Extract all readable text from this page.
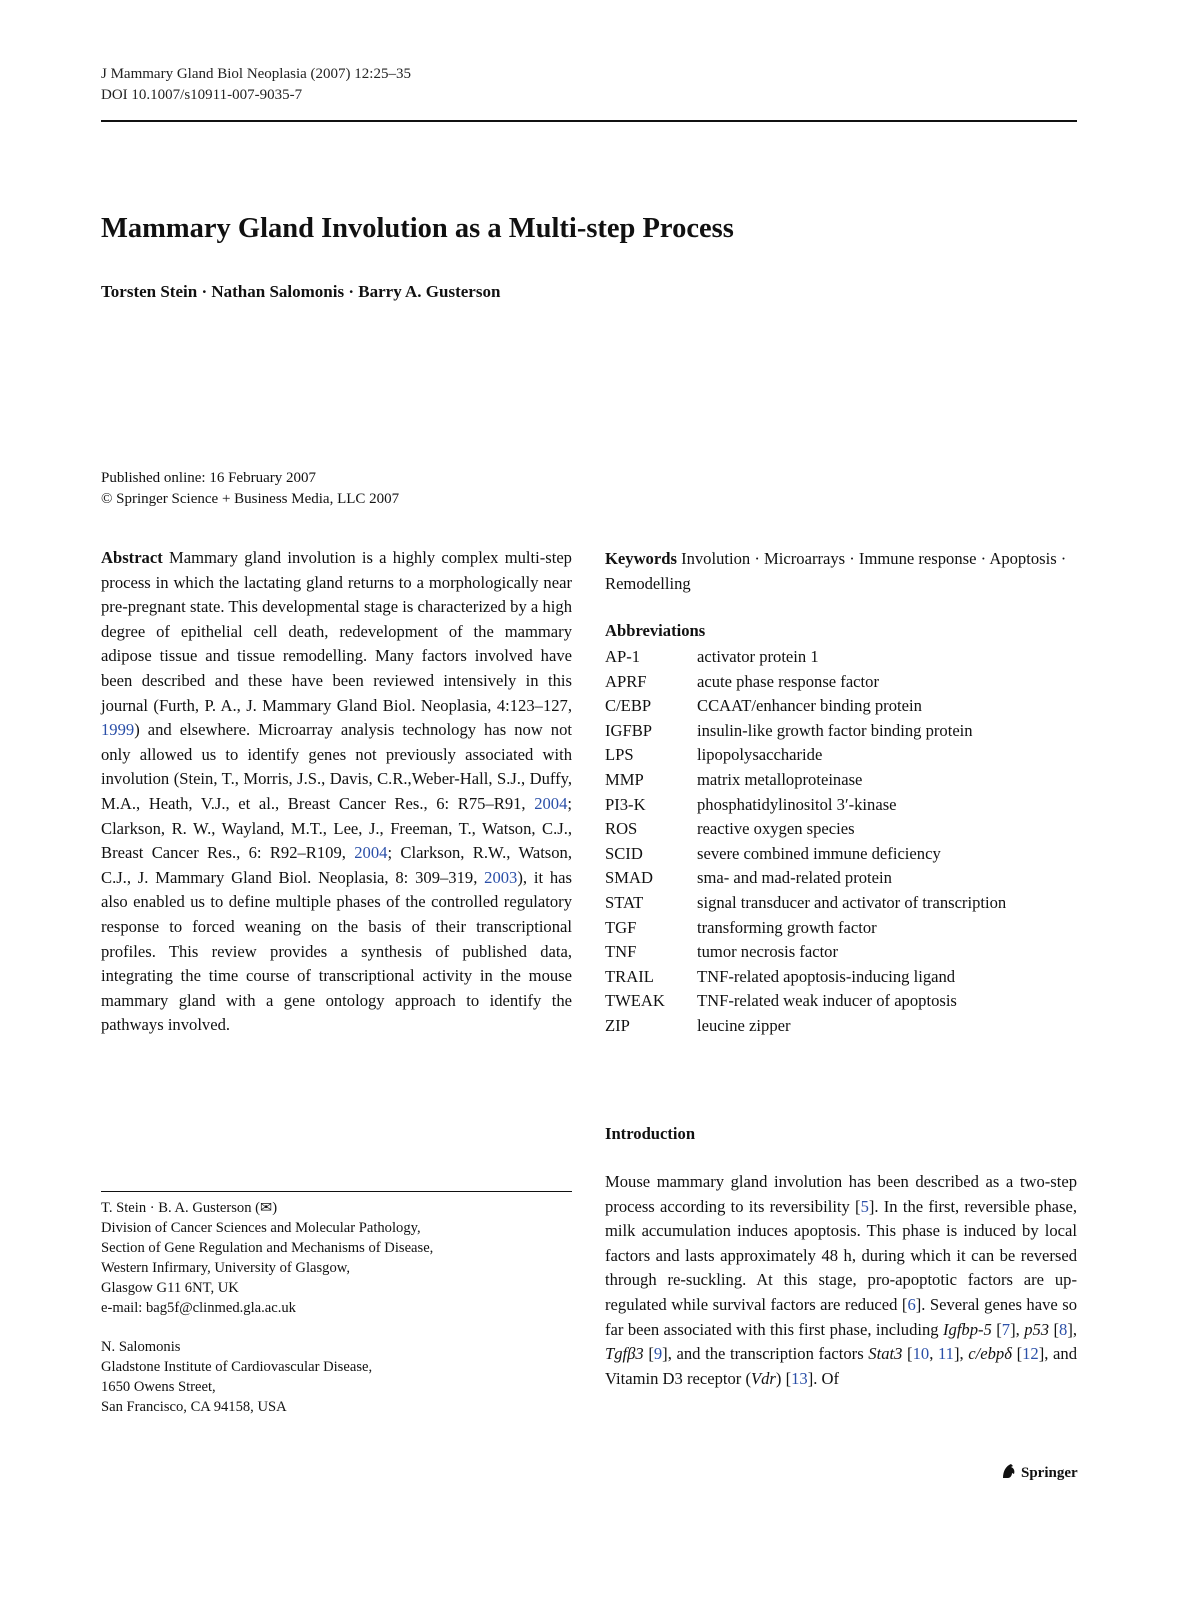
J Mammary Gland Biol Neoplasia (2007) 12:25–35
DOI 10.1007/s10911-007-9035-7
Mammary Gland Involution as a Multi-step Process
Torsten Stein · Nathan Salomonis · Barry A. Gusterson
Published online: 16 February 2007
© Springer Science + Business Media, LLC 2007

Abstract Mammary gland involution is a highly complex multi-step process in which the lactating gland returns to a morphologically near pre-pregnant state. This developmental stage is characterized by a high degree of epithelial cell death, redevelopment of the mammary adipose tissue and tissue remodelling. Many factors involved have been described and these have been reviewed intensively in this journal (Furth, P. A., J. Mammary Gland Biol. Neoplasia, 4:123–127, 1999) and elsewhere. Microarray analysis technology has now not only allowed us to identify genes not previously associated with involution (Stein, T., Morris, J.S., Davis, C.R.,Weber-Hall, S.J., Duffy, M.A., Heath, V.J., et al., Breast Cancer Res., 6: R75–R91, 2004; Clarkson, R. W., Wayland, M.T., Lee, J., Freeman, T., Watson, C.J., Breast Cancer Res., 6: R92–R109, 2004; Clarkson, R.W., Watson, C.J., J. Mammary Gland Biol. Neoplasia, 8: 309–319, 2003), it has also enabled us to define multiple phases of the controlled regulatory response to forced weaning on the basis of their transcriptional profiles. This review provides a synthesis of published data, integrating the time course of transcriptional activity in the mouse mammary gland with a gene ontology approach to identify the pathways involved.

T. Stein · B. A. Gusterson (✉)
Division of Cancer Sciences and Molecular Pathology,
Section of Gene Regulation and Mechanisms of Disease,
Western Infirmary, University of Glasgow,
Glasgow G11 6NT, UK
e-mail: bag5f@clinmed.gla.ac.uk
N. Salomonis
Gladstone Institute of Cardiovascular Disease,
1650 Owens Street,
San Francisco, CA 94158, USA
Keywords Involution · Microarrays · Immune response · Apoptosis · Remodelling
Abbreviations
AP-1	activator protein 1
APRF	acute phase response factor
C/EBP	CCAAT/enhancer binding protein
IGFBP	insulin-like growth factor binding protein
LPS	lipopolysaccharide
MMP	matrix metalloproteinase
PI3-K	phosphatidylinositol 3′-kinase
ROS	reactive oxygen species
SCID	severe combined immune deficiency
SMAD	sma- and mad-related protein
STAT	signal transducer and activator of transcription
TGF	transforming growth factor
TNF	tumor necrosis factor
TRAIL	TNF-related apoptosis-inducing ligand
TWEAK TNF-related weak inducer of apoptosis
ZIP	leucine zipper
Introduction

Mouse mammary gland involution has been described as a two-step process according to its reversibility [5]. In the first, reversible phase, milk accumulation induces apoptosis. This phase is induced by local factors and lasts approximately 48 h, during which it can be reversed through re-suckling. At this stage, pro-apoptotic factors are up-regulated while survival factors are reduced [6]. Several genes have so far been associated with this first phase, including Igfbp-5 [7], p53 [8], Tgfβ3 [9], and the transcription factors Stat3 [10, 11], c/ebpδ [12], and Vitamin D3 receptor (Vdr) [13]. Of

Springer
